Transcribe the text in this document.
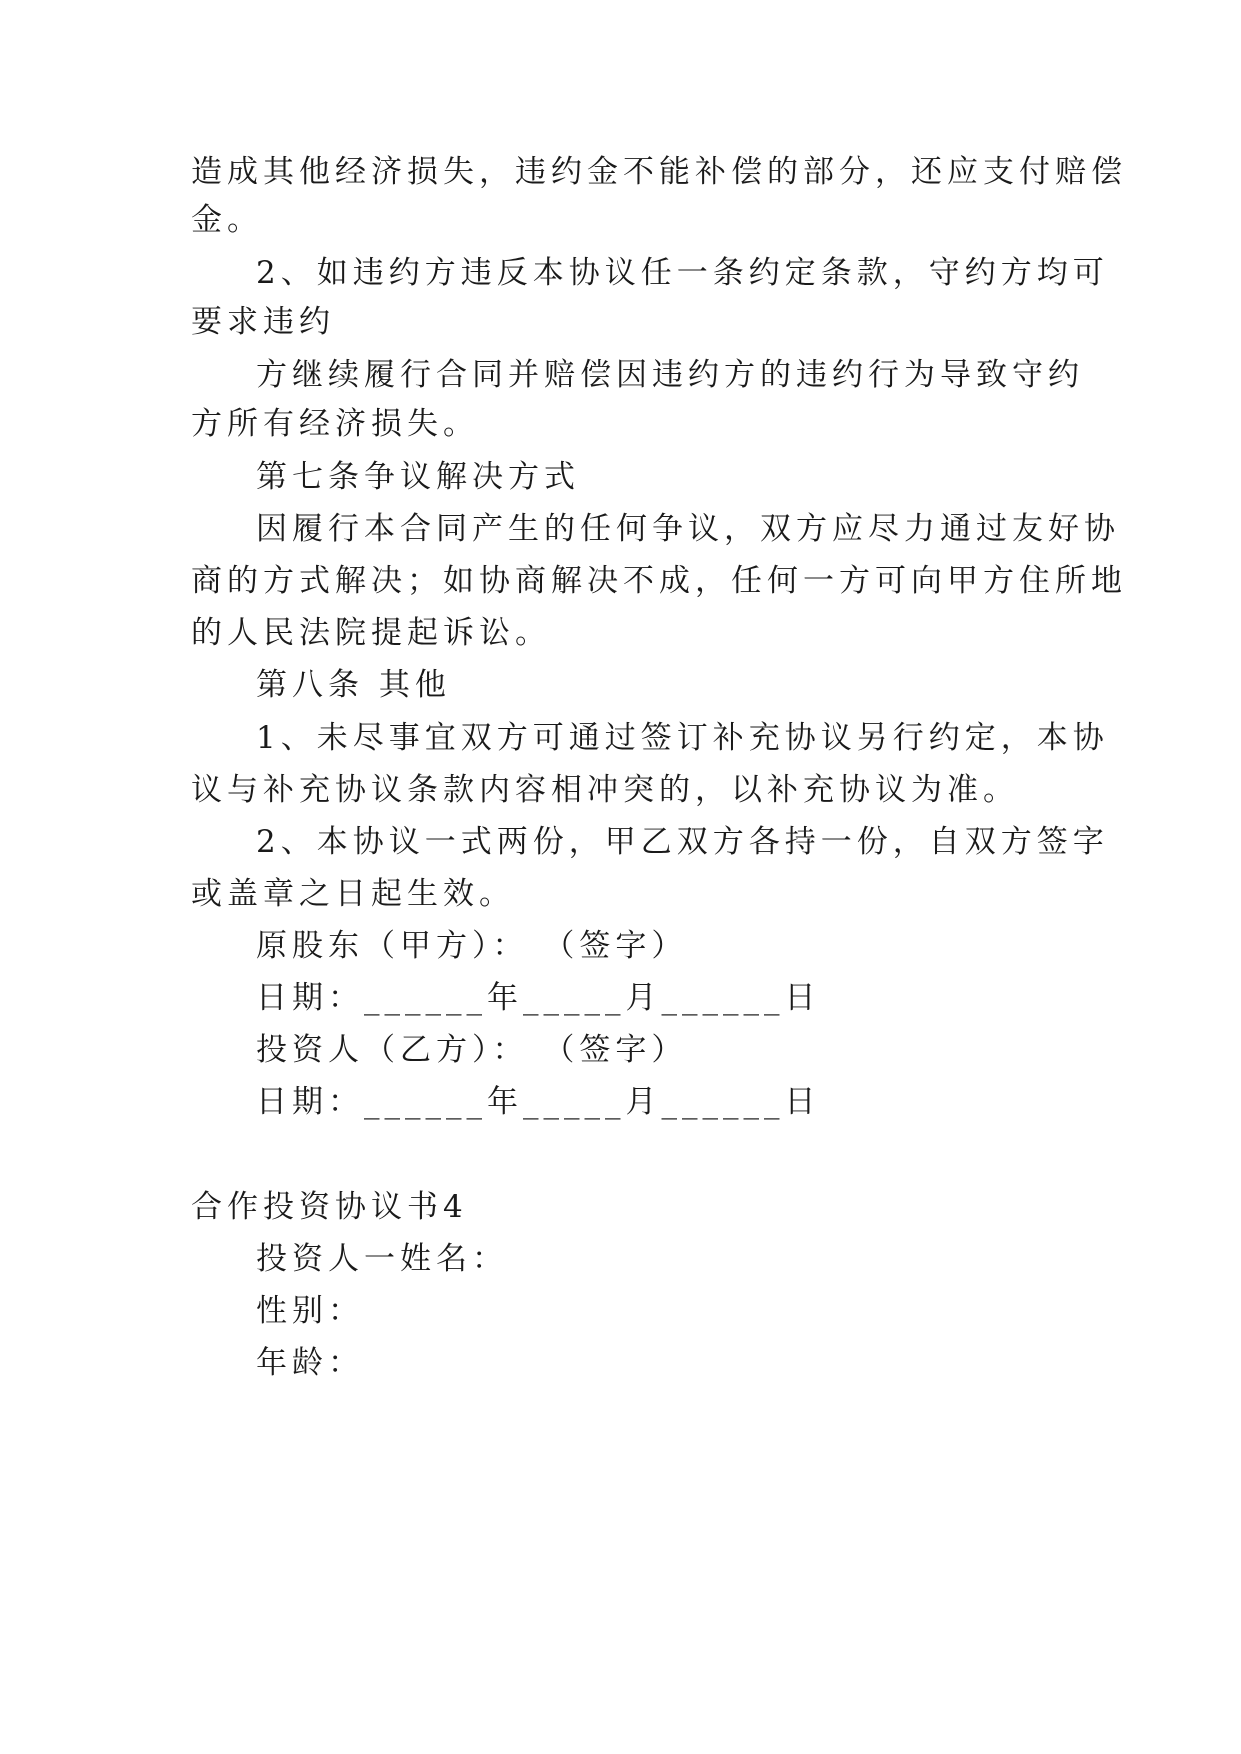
造成其他经济损失，违约金不能补偿的部分，还应支付赔偿
金。
2、如违约方违反本协议任一条约定条款，守约方均可
要求违约
方继续履行合同并赔偿因违约方的违约行为导致守约
方所有经济损失。
第七条争议解决方式
因履行本合同产生的任何争议，双方应尽力通过友好协
商的方式解决；如协商解决不成，任何一方可向甲方住所地
的人民法院提起诉讼。
第八条 其他
1、未尽事宜双方可通过签订补充协议另行约定，本协
议与补充协议条款内容相冲突的，以补充协议为准。
2、本协议一式两份，甲乙双方各持一份，自双方签字
或盖章之日起生效。
原股东（甲方）： （签字）
日期：______年_____月______日
投资人（乙方）： （签字）
日期：______年_____月______日
合作投资协议书4
投资人一姓名：
性别：
年龄：
